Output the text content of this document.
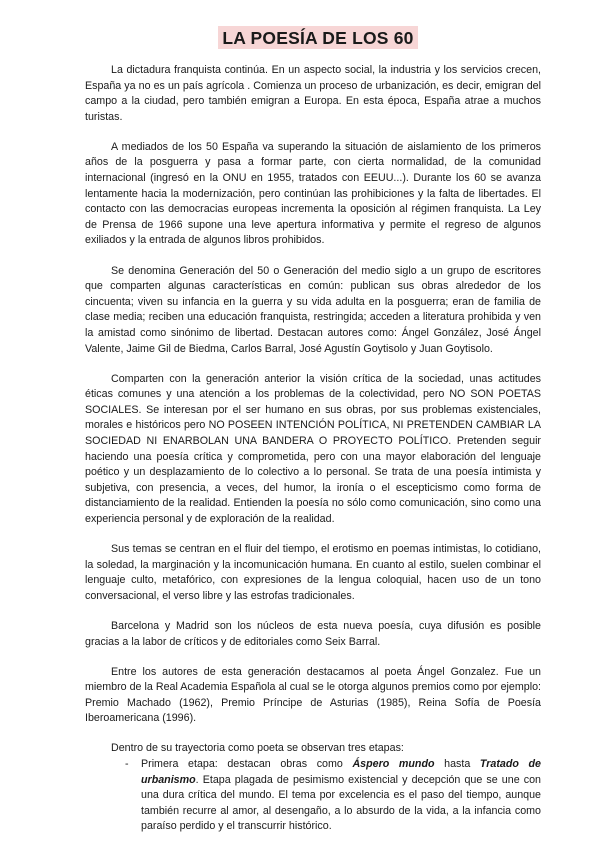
LA POESÍA DE LOS 60

La dictadura franquista continúa. En un aspecto social, la industria y los servicios crecen, España ya no es un país agrícola . Comienza un proceso de urbanización, es decir, emigran del campo a la ciudad, pero también emigran a Europa. En esta época, España atrae a muchos turistas.

A mediados de los 50 España va superando la situación de aislamiento de los primeros años de la posguerra y pasa a formar parte, con cierta normalidad, de la comunidad internacional (ingresó en la ONU en 1955, tratados con EEUU...). Durante los 60 se avanza lentamente hacia la modernización, pero continúan las prohibiciones y la falta de libertades. El contacto con las democracias europeas incrementa la oposición al régimen franquista. La Ley de Prensa de 1966 supone una leve apertura informativa y permite el regreso de algunos exiliados y la entrada de algunos libros prohibidos.

Se denomina Generación del 50 o Generación del medio siglo a un grupo de escritores que comparten algunas características en común: publican sus obras alrededor de los cincuenta; viven su infancia en la guerra y su vida adulta en la posguerra; eran de familia de clase media; reciben una educación franquista, restringida; acceden a literatura prohibida y ven la amistad como sinónimo de libertad. Destacan autores como: Ángel González, José Ángel Valente, Jaime Gil de Biedma, Carlos Barral, José Agustín Goytisolo y Juan Goytisolo.

Comparten con la generación anterior la visión crítica de la sociedad, unas actitudes éticas comunes y una atención a los problemas de la colectividad, pero NO SON POETAS SOCIALES. Se interesan por el ser humano en sus obras, por sus problemas existenciales, morales e históricos pero NO POSEEN INTENCIÓN POLÍTICA, NI PRETENDEN CAMBIAR LA SOCIEDAD NI ENARBOLAN UNA BANDERA O PROYECTO POLÍTICO. Pretenden seguir haciendo una poesía crítica y comprometida, pero con una mayor elaboración del lenguaje poético y un desplazamiento de lo colectivo a lo personal. Se trata de una poesía intimista y subjetiva, con presencia, a veces, del humor, la ironía o el escepticismo como forma de distanciamiento de la realidad. Entienden la poesía no sólo como comunicación, sino como una experiencia personal y de exploración de la realidad.

Sus temas se centran en el fluir del tiempo, el erotismo en poemas intimistas, lo cotidiano, la soledad, la marginación y la incomunicación humana. En cuanto al estilo, suelen combinar el lenguaje culto, metafórico, con expresiones de la lengua coloquial, hacen uso de un tono conversacional, el verso libre y las estrofas tradicionales.

Barcelona y Madrid son los núcleos de esta nueva poesía, cuya difusión es posible gracias a la labor de críticos y de editoriales como Seix Barral.

Entre los autores de esta generación destacamos al poeta Ángel Gonzalez. Fue un miembro de la Real Academia Española al cual se le otorga algunos premios como por ejemplo: Premio Machado (1962), Premio Príncipe de Asturias (1985), Reina Sofía de Poesía Iberoamericana (1996).

Dentro de su trayectoria como poeta se observan tres etapas:

- Primera etapa: destacan obras como Áspero mundo hasta Tratado de urbanismo. Etapa plagada de pesimismo existencial y decepción que se une con una dura crítica del mundo. El tema por excelencia es el paso del tiempo, aunque también recurre al amor, al desengaño, a lo absurdo de la vida, a la infancia como paraíso perdido y el transcurrir histórico.
